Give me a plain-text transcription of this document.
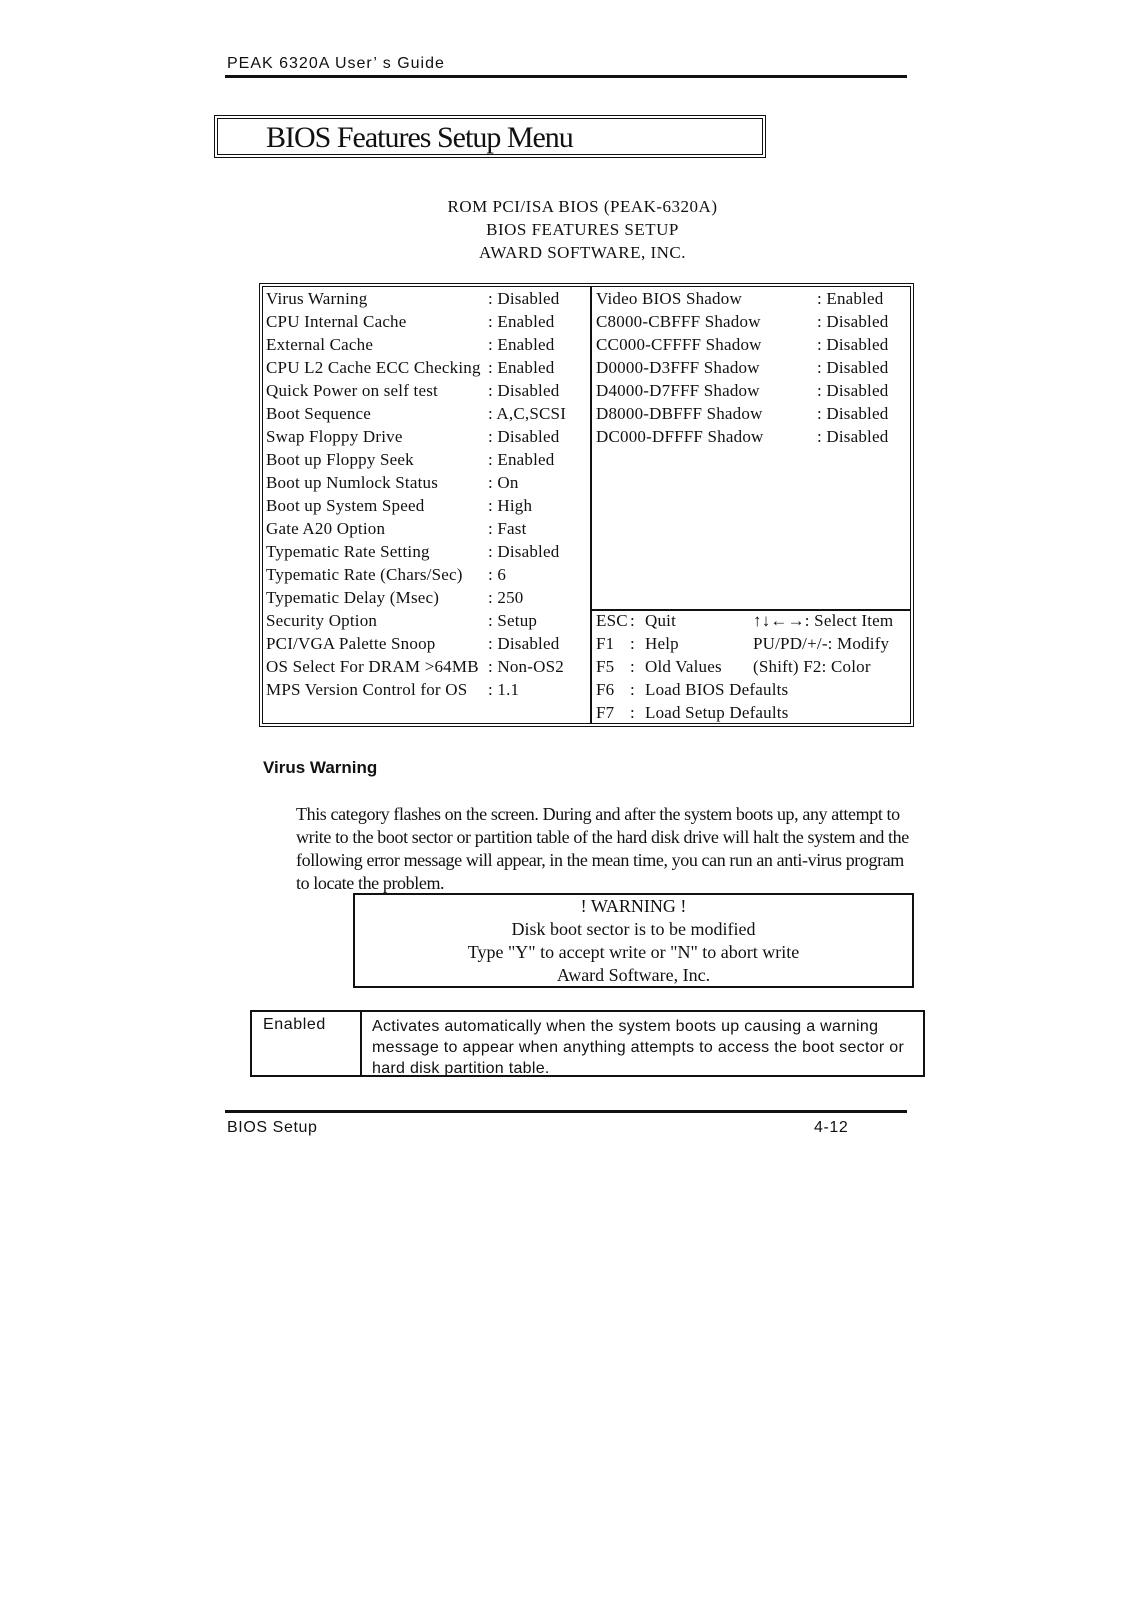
PEAK 6320A User’ s Guide
BIOS Features Setup Menu
ROM PCI/ISA BIOS (PEAK-6320A)
BIOS FEATURES SETUP
AWARD SOFTWARE, INC.
Virus Warning	: Disabled
CPU Internal Cache	: Enabled
External Cache	: Enabled
CPU L2 Cache ECC Checking : Enabled
Quick Power on self test	: Disabled
Boot Sequence	: A,C,SCSI
Swap Floppy Drive	: Disabled
Boot up Floppy Seek	: Enabled
Boot up Numlock Status	: On
Boot up System Speed	: High
Gate A20 Option	: Fast
Typematic Rate Setting	: Disabled
Typematic Rate (Chars/Sec) : 6
Typematic Delay (Msec)	: 250
Security Option	: Setup
PCI/VGA Palette Snoop	: Disabled
OS Select For DRAM >64MB : Non-OS2
MPS Version Control for OS : 1.1
Video BIOS Shadow	: Enabled
C8000-CBFFF Shadow	: Disabled
CC000-CFFFF Shadow	: Disabled
D0000-D3FFF Shadow	: Disabled
D4000-D7FFF Shadow	: Disabled
D8000-DBFFF Shadow	: Disabled
DC000-DFFFF Shadow	: Disabled
ESC : Quit	↑↓←→: Select Item
F1 : Help	PU/PD/+/-: Modify
F5 : Old Values (Shift) F2: Color
F6 : Load BIOS Defaults
F7 : Load Setup Defaults
Virus Warning
This category flashes on the screen. During and after the system boots up, any attempt to write to the boot sector or partition table of the hard disk drive will halt the system and the following error message will appear, in the mean time, you can run an anti-virus program to locate the problem.
! WARNING !
Disk boot sector is to be modified
Type "Y" to accept write or "N" to abort write
Award Software, Inc.
Enabled	Activates automatically when the system boots up causing a warning message to appear when anything attempts to access the boot sector or hard disk partition table.
BIOS Setup	4-12
